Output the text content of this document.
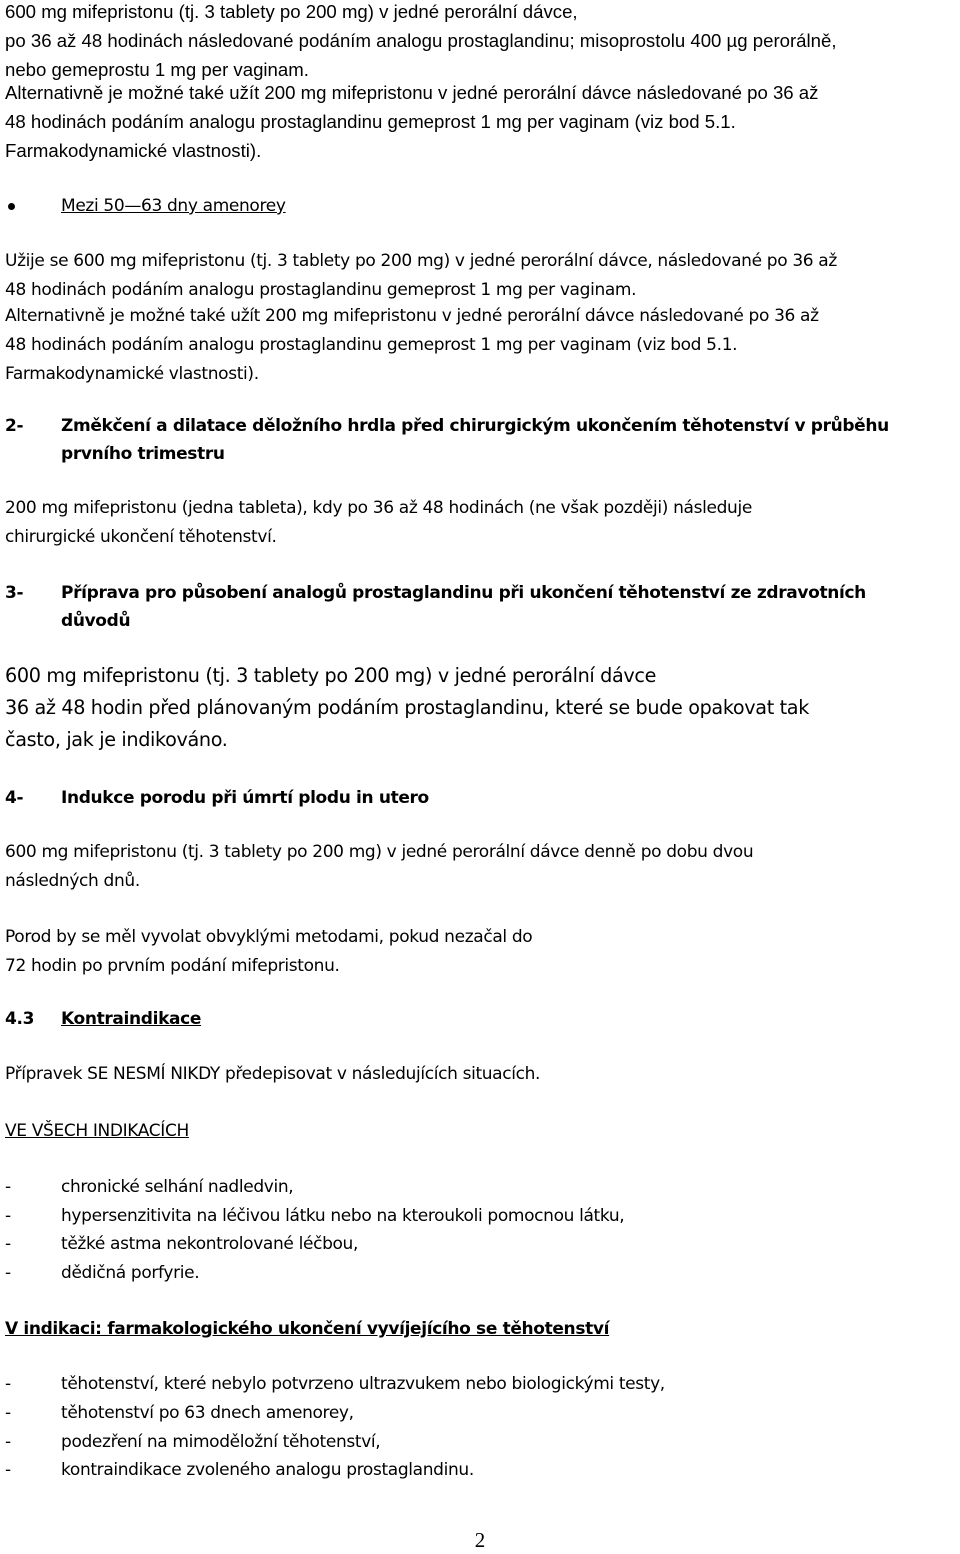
600 mg mifepristonu (tj. 3 tablety po 200 mg) v jedné perorální dávce,
po 36 až 48 hodinách následované podáním analogu prostaglandinu; misoprostolu 400 µg perorálně,
nebo gemeprostu 1 mg per vaginam.
Alternativně je možné také užít 200 mg mifepristonu v jedné perorální dávce následované po 36 až
48 hodinách podáním analogu prostaglandinu gemeprost 1 mg per vaginam (viz bod 5.1.
Farmakodynamické vlastnosti).
Mezi 50—63 dny amenorey
Užije se 600 mg mifepristonu (tj. 3 tablety po 200 mg) v jedné perorální dávce, následované po 36 až
48 hodinách podáním analogu prostaglandinu gemeprost 1 mg per vaginam.
Alternativně je možné také užít 200 mg mifepristonu v jedné perorální dávce následované po 36 až
48 hodinách podáním analogu prostaglandinu gemeprost 1 mg per vaginam (viz bod 5.1.
Farmakodynamické vlastnosti).
2- Změkčení a dilatace děložního hrdla před chirurgickým ukončením těhotenství v průběhu
prvního trimestru
200 mg mifepristonu (jedna tableta), kdy po 36 až 48 hodinách (ne však později) následuje
chirurgické ukončení těhotenství.
3- Příprava pro působení analogů prostaglandinu při ukončení těhotenství ze zdravotních
důvodů
600 mg mifepristonu (tj. 3 tablety po 200 mg) v jedné perorální dávce
36 až 48 hodin před plánovaným podáním prostaglandinu, které se bude opakovat tak
často, jak je indikováno.
4- Indukce porodu při úmrtí plodu in utero
600 mg mifepristonu (tj. 3 tablety po 200 mg) v jedné perorální dávce denně po dobu dvou
následných dnů.
Porod by se měl vyvolat obvyklými metodami, pokud nezačal do
72 hodin po prvním podání mifepristonu.
4.3 Kontraindikace
Přípravek SE NESMÍ NIKDY předepisovat v následujících situacích.
VE VŠECH INDIKACÍCH
-	chronické selhání nadledvin,
-	hypersenzitivita na léčivou látku nebo na kteroukoli pomocnou látku,
-	těžké astma nekontrolované léčbou,
-	dědičná porfyrie.
V indikaci: farmakologického ukončení vyvíjejícího se těhotenství
-	těhotenství, které nebylo potvrzeno ultrazvukem nebo biologickými testy,
-	těhotenství po 63 dnech amenorey,
-	podezření na mimoděložní těhotenství,
-	kontraindikace zvoleného analogu prostaglandinu.
2
